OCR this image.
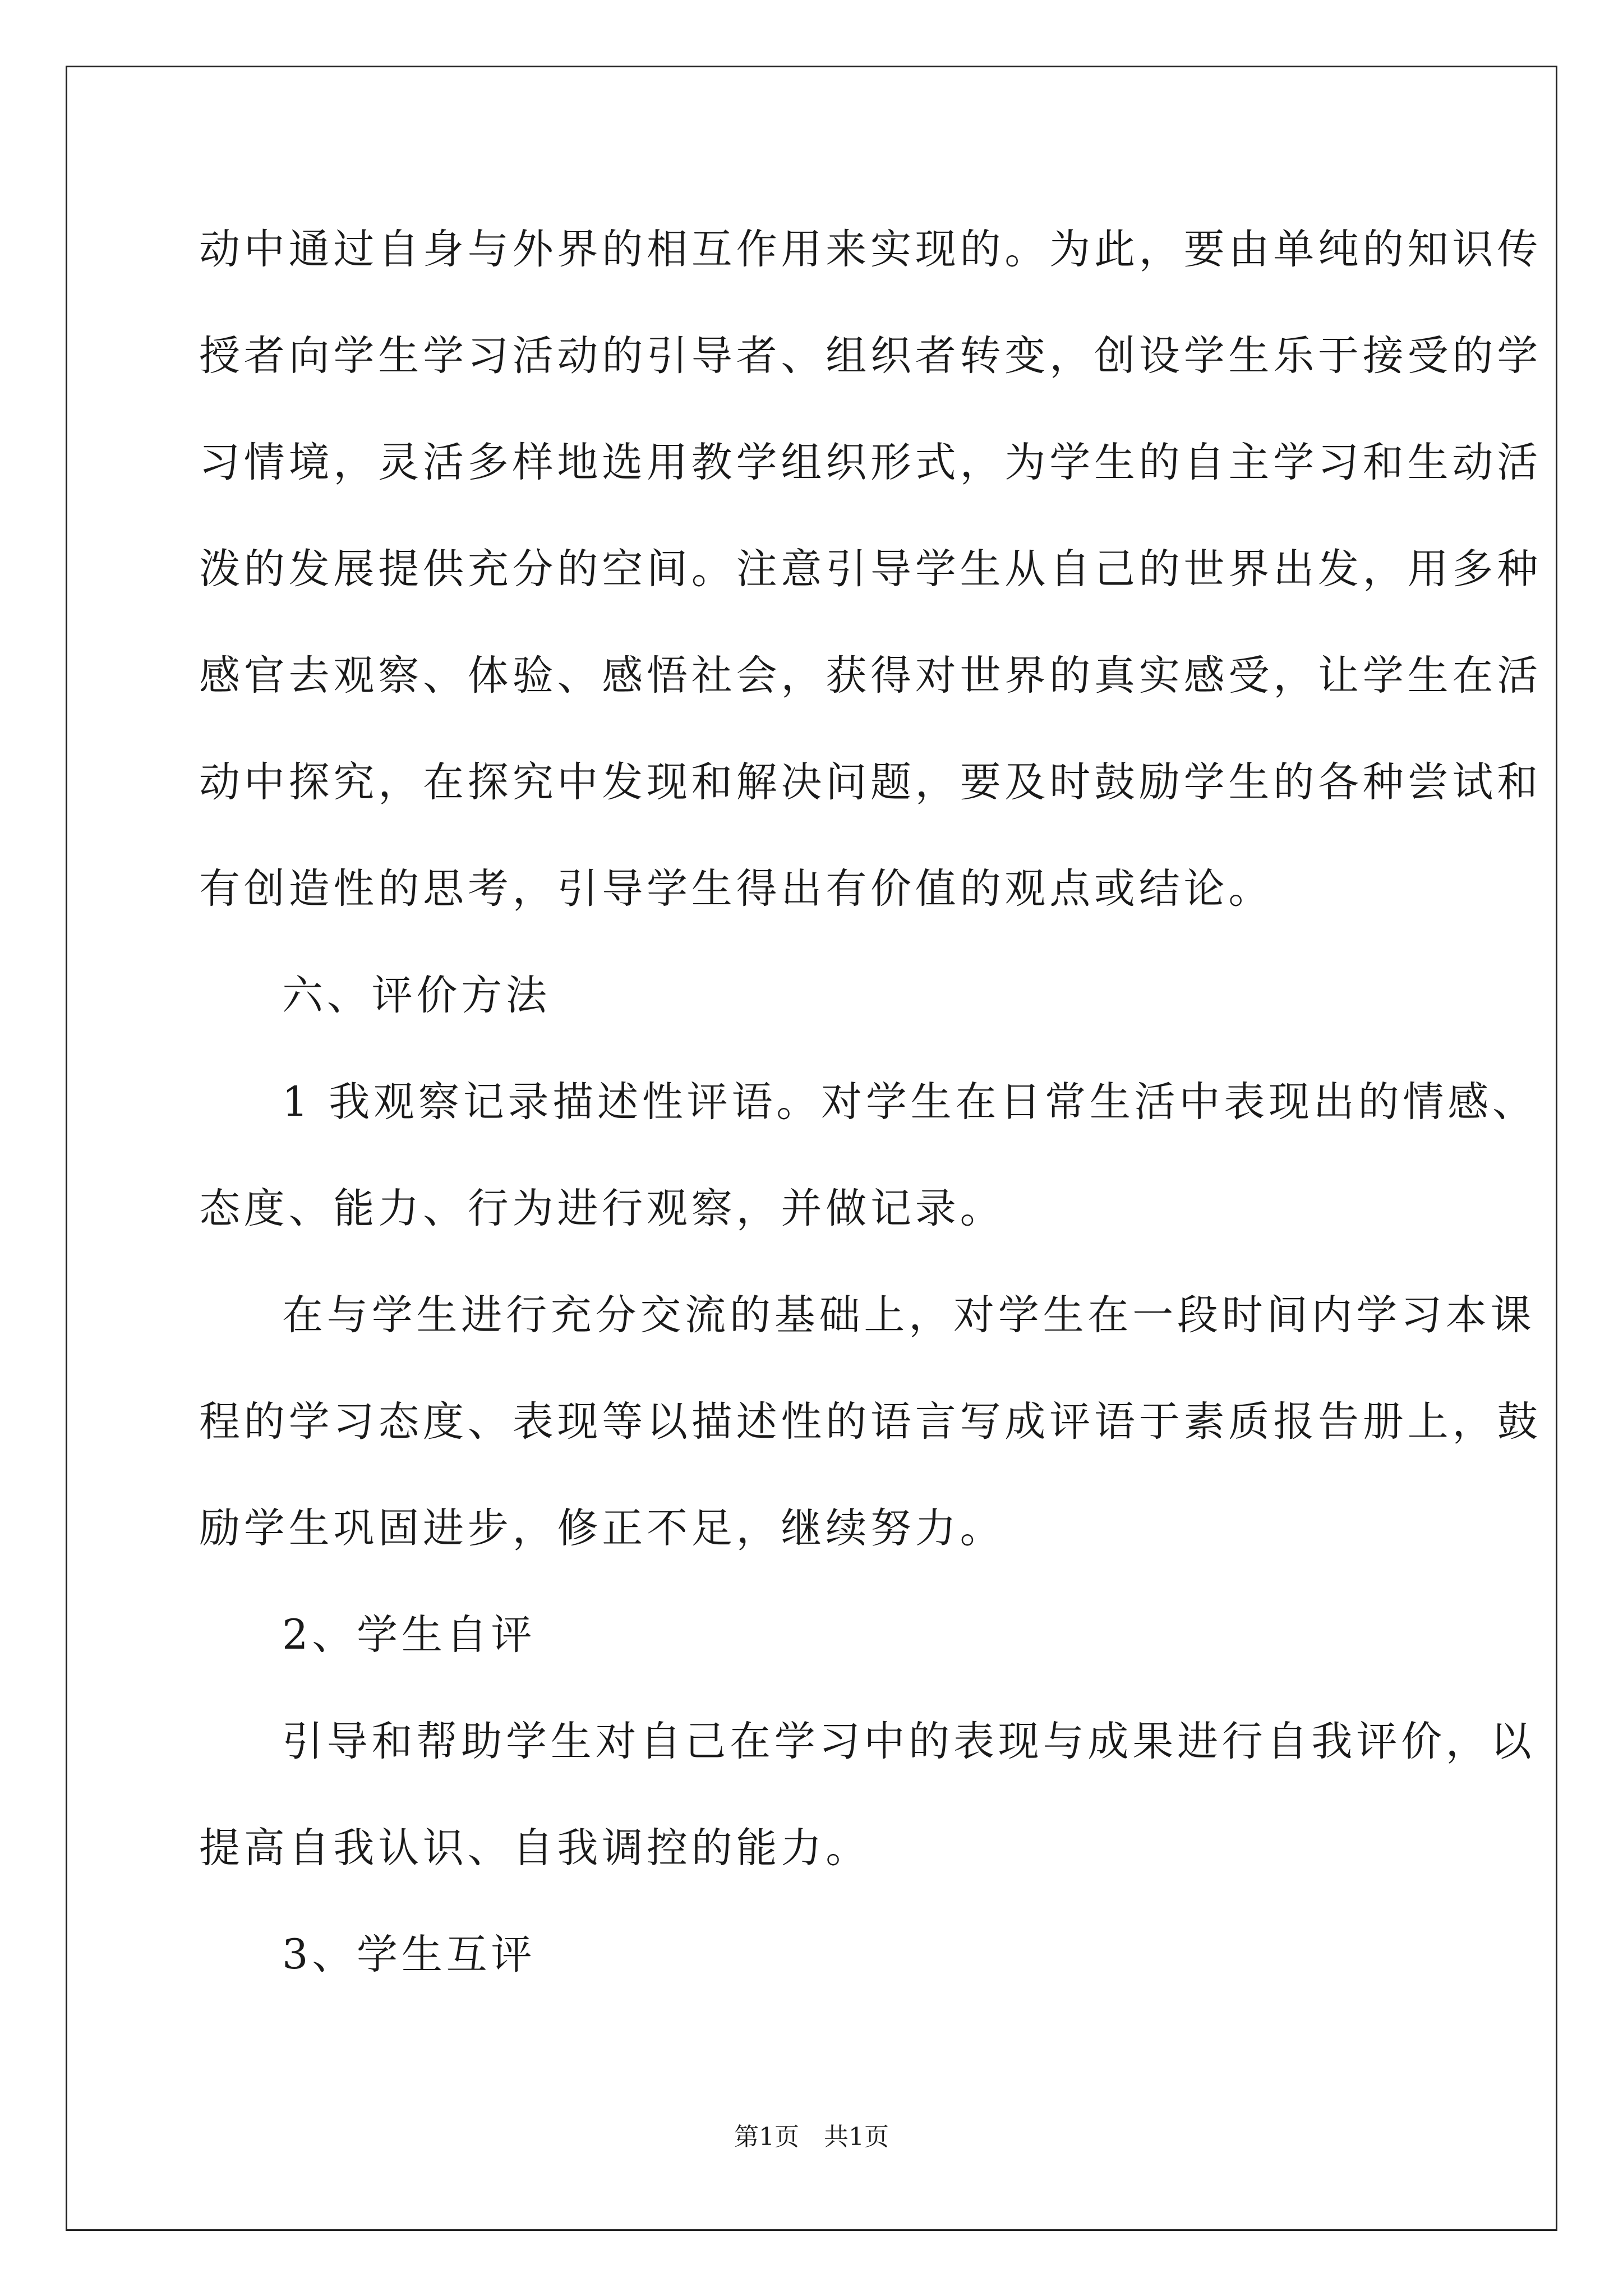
动中通过自身与外界的相互作用来实现的。为此，要由单纯的知识传
授者向学生学习活动的引导者、组织者转变，创设学生乐于接受的学
习情境，灵活多样地选用教学组织形式，为学生的自主学习和生动活
泼的发展提供充分的空间。注意引导学生从自己的世界出发，用多种
感官去观察、体验、感悟社会，获得对世界的真实感受，让学生在活
动中探究，在探究中发现和解决问题，要及时鼓励学生的各种尝试和
有创造性的思考，引导学生得出有价值的观点或结论。
六、评价方法
1 我观察记录描述性评语。对学生在日常生活中表现出的情感、
态度、能力、行为进行观察，并做记录。
在与学生进行充分交流的基础上，对学生在一段时间内学习本课
程的学习态度、表现等以描述性的语言写成评语于素质报告册上，鼓
励学生巩固进步，修正不足，继续努力。
2、学生自评
引导和帮助学生对自己在学习中的表现与成果进行自我评价，以
提高自我认识、自我调控的能力。
3、学生互评
第1页　共1页
